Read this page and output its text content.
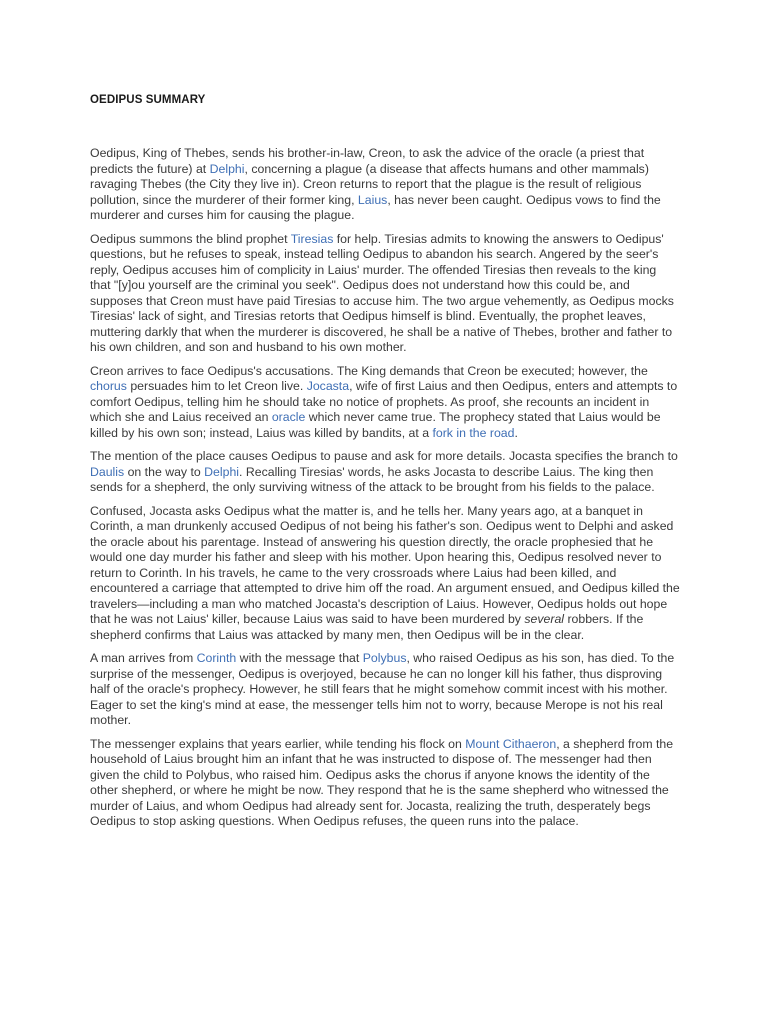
OEDIPUS SUMMARY

Oedipus, King of Thebes, sends his brother-in-law, Creon, to ask the advice of the oracle (a priest that predicts the future) at Delphi, concerning a plague (a disease that affects humans and other mammals) ravaging Thebes (the City they live in). Creon returns to report that the plague is the result of religious pollution, since the murderer of their former king, Laius, has never been caught. Oedipus vows to find the murderer and curses him for causing the plague.

Oedipus summons the blind prophet Tiresias for help. Tiresias admits to knowing the answers to Oedipus' questions, but he refuses to speak, instead telling Oedipus to abandon his search. Angered by the seer's reply, Oedipus accuses him of complicity in Laius' murder. The offended Tiresias then reveals to the king that "[y]ou yourself are the criminal you seek". Oedipus does not understand how this could be, and supposes that Creon must have paid Tiresias to accuse him. The two argue vehemently, as Oedipus mocks Tiresias' lack of sight, and Tiresias retorts that Oedipus himself is blind. Eventually, the prophet leaves, muttering darkly that when the murderer is discovered, he shall be a native of Thebes, brother and father to his own children, and son and husband to his own mother.

Creon arrives to face Oedipus's accusations. The King demands that Creon be executed; however, the chorus persuades him to let Creon live. Jocasta, wife of first Laius and then Oedipus, enters and attempts to comfort Oedipus, telling him he should take no notice of prophets. As proof, she recounts an incident in which she and Laius received an oracle which never came true. The prophecy stated that Laius would be killed by his own son; instead, Laius was killed by bandits, at a fork in the road.

The mention of the place causes Oedipus to pause and ask for more details. Jocasta specifies the branch to Daulis on the way to Delphi. Recalling Tiresias' words, he asks Jocasta to describe Laius. The king then sends for a shepherd, the only surviving witness of the attack to be brought from his fields to the palace.

Confused, Jocasta asks Oedipus what the matter is, and he tells her. Many years ago, at a banquet in Corinth, a man drunkenly accused Oedipus of not being his father's son. Oedipus went to Delphi and asked the oracle about his parentage. Instead of answering his question directly, the oracle prophesied that he would one day murder his father and sleep with his mother. Upon hearing this, Oedipus resolved never to return to Corinth. In his travels, he came to the very crossroads where Laius had been killed, and encountered a carriage that attempted to drive him off the road. An argument ensued, and Oedipus killed the travelers—including a man who matched Jocasta's description of Laius. However, Oedipus holds out hope that he was not Laius' killer, because Laius was said to have been murdered by several robbers. If the shepherd confirms that Laius was attacked by many men, then Oedipus will be in the clear.

A man arrives from Corinth with the message that Polybus, who raised Oedipus as his son, has died. To the surprise of the messenger, Oedipus is overjoyed, because he can no longer kill his father, thus disproving half of the oracle's prophecy. However, he still fears that he might somehow commit incest with his mother. Eager to set the king's mind at ease, the messenger tells him not to worry, because Merope is not his real mother.

The messenger explains that years earlier, while tending his flock on Mount Cithaeron, a shepherd from the household of Laius brought him an infant that he was instructed to dispose of. The messenger had then given the child to Polybus, who raised him. Oedipus asks the chorus if anyone knows the identity of the other shepherd, or where he might be now. They respond that he is the same shepherd who witnessed the murder of Laius, and whom Oedipus had already sent for. Jocasta, realizing the truth, desperately begs Oedipus to stop asking questions. When Oedipus refuses, the queen runs into the palace.
